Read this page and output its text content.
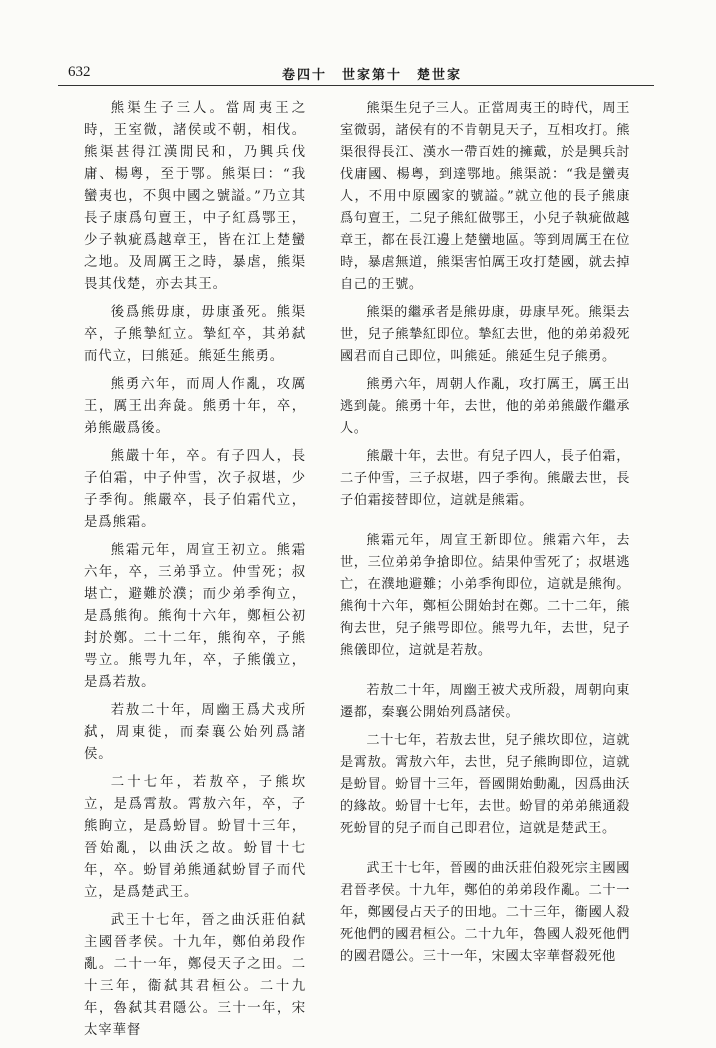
632	卷四十　世家第十　楚世家

熊渠生子三人。當周夷王之時，王室微，諸侯或不朝，相伐。熊渠甚得江漢閒民和，乃興兵伐庸、楊粵，至于鄂。熊渠曰：“我蠻夷也，不與中國之號謚。”乃立其長子康爲句亶王，中子紅爲鄂王，少子執疵爲越章王，皆在江上楚蠻之地。及周厲王之時，暴虐，熊渠畏其伐楚，亦去其王。

後爲熊毋康，毋康蚤死。熊渠卒，子熊摯紅立。摯紅卒，其弟弑而代立，曰熊延。熊延生熊勇。

熊勇六年，而周人作亂，攻厲王，厲王出奔彘。熊勇十年，卒，弟熊嚴爲後。

熊嚴十年，卒。有子四人，長子伯霜，中子仲雪，次子叔堪，少子季徇。熊嚴卒，長子伯霜代立，是爲熊霜。

熊霜元年，周宣王初立。熊霜六年，卒，三弟爭立。仲雪死；叔堪亡，避難於濮；而少弟季徇立，是爲熊徇。熊徇十六年，鄭桓公初封於鄭。二十二年，熊徇卒，子熊咢立。熊咢九年，卒，子熊儀立，是爲若敖。

若敖二十年，周幽王爲犬戎所弑，周東徙，而秦襄公始列爲諸侯。

二十七年，若敖卒，子熊坎立，是爲霄敖。霄敖六年，卒，子熊眴立，是爲蚡冒。蚡冒十三年，晉始亂，以曲沃之故。蚡冒十七年，卒。蚡冒弟熊通弑蚡冒子而代立，是爲楚武王。

武王十七年，晉之曲沃莊伯弑主國晉孝侯。十九年，鄭伯弟段作亂。二十一年，鄭侵天子之田。二十三年，衞弑其君桓公。二十九年，魯弑其君隱公。三十一年，宋太宰華督

熊渠生兒子三人。正當周夷王的時代，周王室微弱，諸侯有的不肯朝見天子，互相攻打。熊渠很得長江、漢水一帶百姓的擁戴，於是興兵討伐庸國、楊粵，到達鄂地。熊渠説：“我是蠻夷人，不用中原國家的號謚。”就立他的長子熊康爲句亶王，二兒子熊紅做鄂王，小兒子執疵做越章王，都在長江邊上楚蠻地區。等到周厲王在位時，暴虐無道，熊渠害怕厲王攻打楚國，就去掉自己的王號。

熊渠的繼承者是熊毋康，毋康早死。熊渠去世，兒子熊摯紅即位。摯紅去世，他的弟弟殺死國君而自己即位，叫熊延。熊延生兒子熊勇。

熊勇六年，周朝人作亂，攻打厲王，厲王出逃到彘。熊勇十年，去世，他的弟弟熊嚴作繼承人。

熊嚴十年，去世。有兒子四人，長子伯霜，二子仲雪，三子叔堪，四子季徇。熊嚴去世，長子伯霜接替即位，這就是熊霜。

熊霜元年，周宣王新即位。熊霜六年，去世，三位弟弟争搶即位。結果仲雪死了；叔堪逃亡，在濮地避難；小弟季徇即位，這就是熊徇。熊徇十六年，鄭桓公開始封在鄭。二十二年，熊徇去世，兒子熊咢即位。熊咢九年，去世，兒子熊儀即位，這就是若敖。

若敖二十年，周幽王被犬戎所殺，周朝向東遷都，秦襄公開始列爲諸侯。

二十七年，若敖去世，兒子熊坎即位，這就是霄敖。霄敖六年，去世，兒子熊眴即位，這就是蚡冒。蚡冒十三年，晉國開始動亂，因爲曲沃的緣故。蚡冒十七年，去世。蚡冒的弟弟熊通殺死蚡冒的兒子而自己即君位，這就是楚武王。

武王十七年，晉國的曲沃莊伯殺死宗主國國君晉孝侯。十九年，鄭伯的弟弟段作亂。二十一年，鄭國侵占天子的田地。二十三年，衞國人殺死他們的國君桓公。二十九年，魯國人殺死他們的國君隱公。三十一年，宋國太宰華督殺死他
